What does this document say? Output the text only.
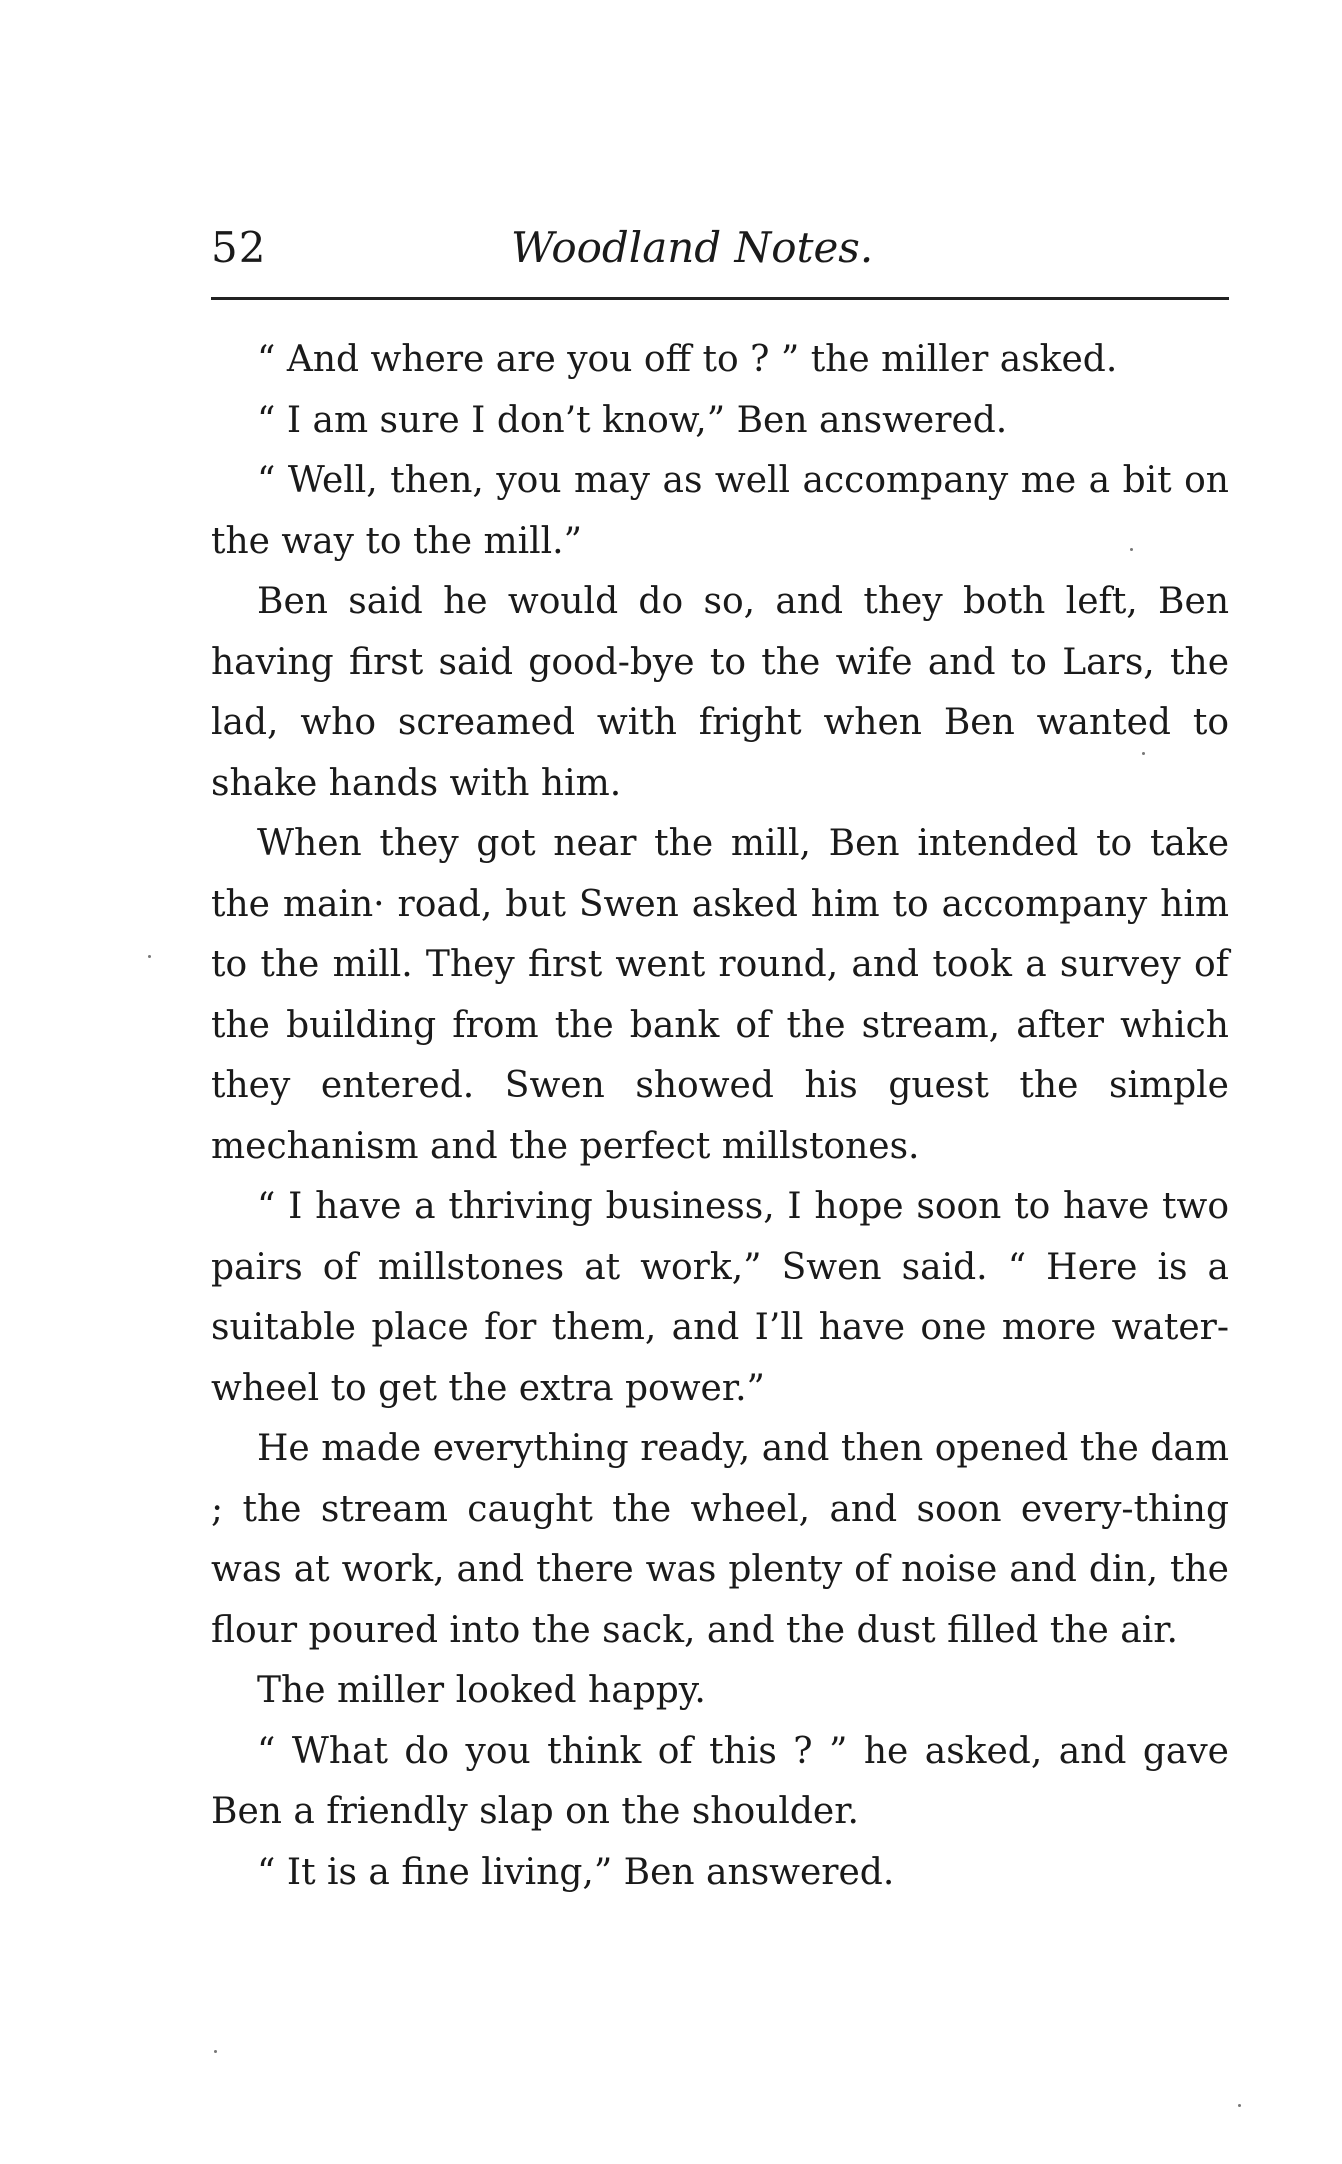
52	Woodland Notes.

“ And where are you off to ? ” the miller asked.

“ I am sure I don’t know,” Ben answered.

“ Well, then, you may as well accompany me a bit on the way to the mill.”

Ben said he would do so, and they both left, Ben having first said good-bye to the wife and to Lars, the lad, who screamed with fright when Ben wanted to shake hands with him.

When they got near the mill, Ben intended to take the main· road, but Swen asked him to accompany him to the mill. They first went round, and took a survey of the building from the bank of the stream, after which they entered. Swen showed his guest the simple mechanism and the perfect millstones.

“ I have a thriving business, I hope soon to have two pairs of millstones at work,” Swen said. “ Here is a suitable place for them, and I’ll have one more water-wheel to get the extra power.”

He made everything ready, and then opened the dam ; the stream caught the wheel, and soon every-thing was at work, and there was plenty of noise and din, the flour poured into the sack, and the dust filled the air.

The miller looked happy.

“ What do you think of this ? ” he asked, and gave Ben a friendly slap on the shoulder.

“ It is a fine living,” Ben answered.
